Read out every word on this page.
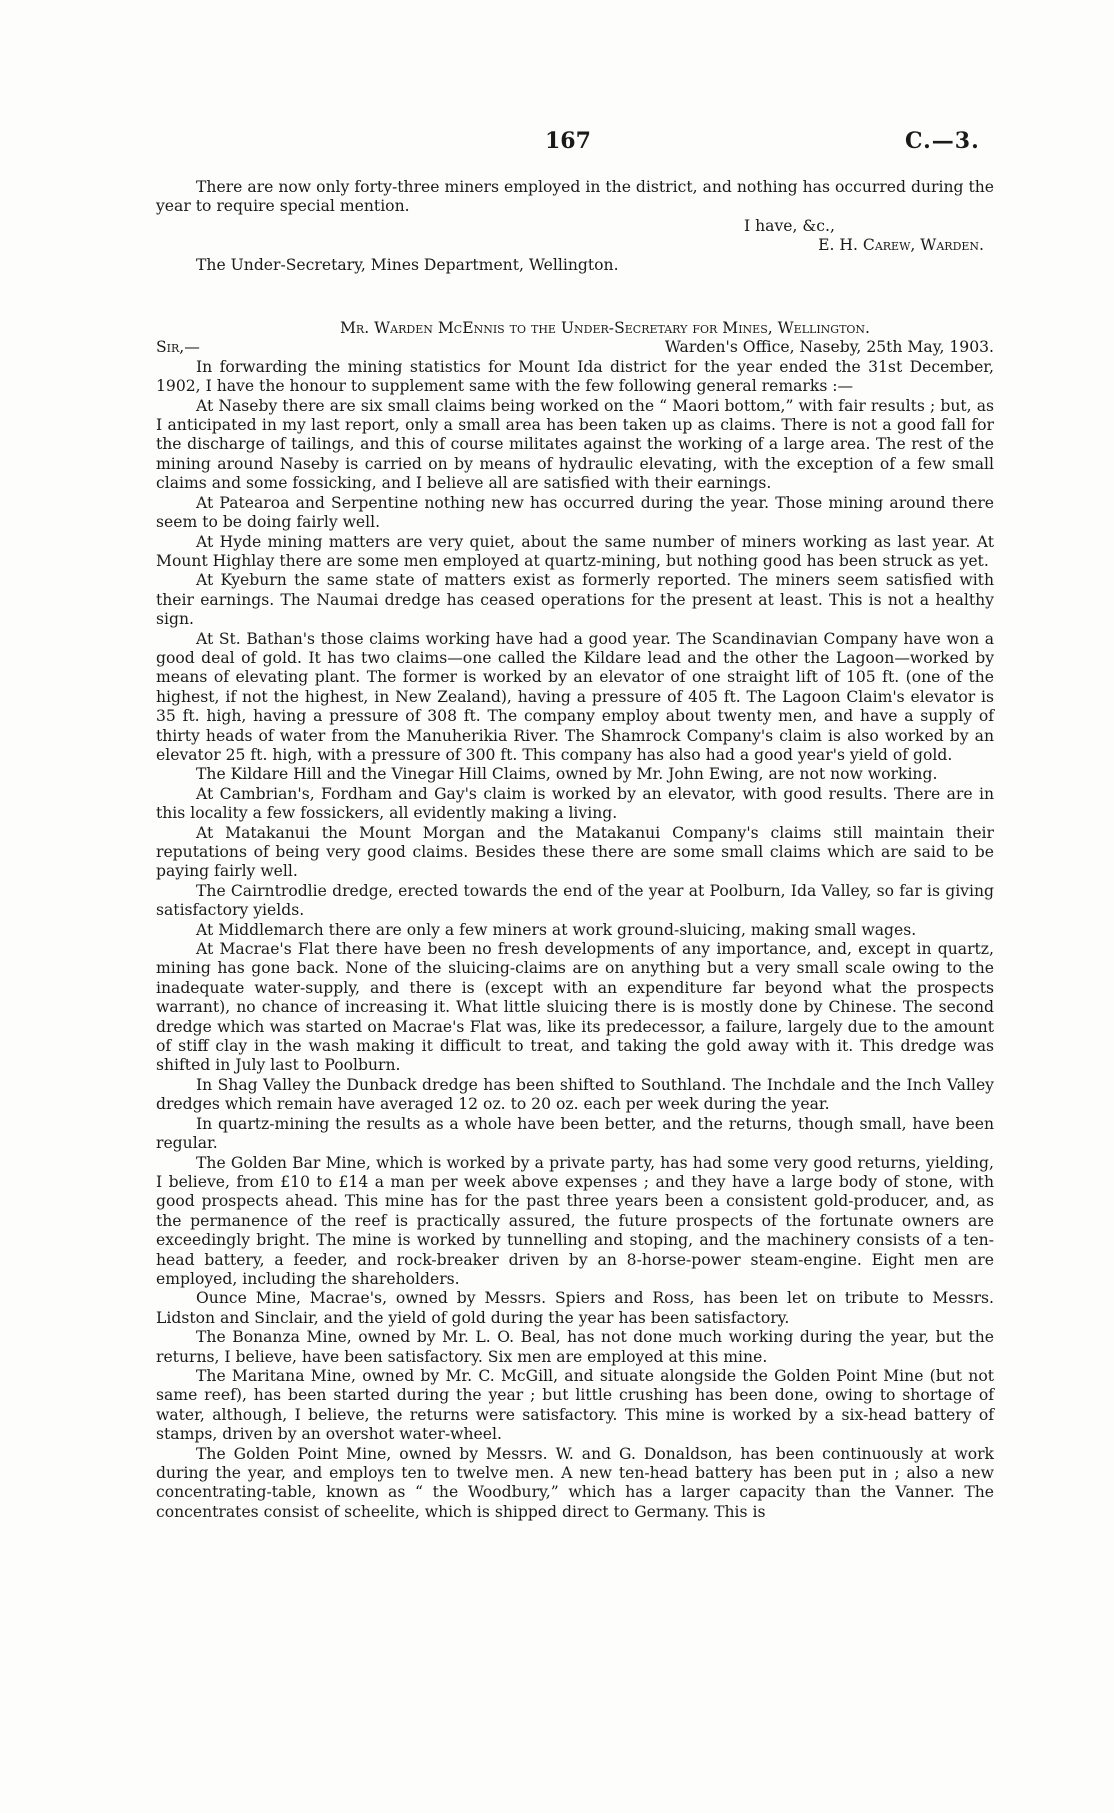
167	C.—3.

There are now only forty-three miners employed in the district, and nothing has occurred during the year to require special mention.

I have, &c.,
E. H. Carew, Warden.
The Under-Secretary, Mines Department, Wellington.
Mr. Warden McEnnis to the Under-Secretary for Mines, Wellington.
Sir,—	Warden's Office, Naseby, 25th May, 1903.

In forwarding the mining statistics for Mount Ida district for the year ended the 31st December, 1902, I have the honour to supplement same with the few following general remarks :—

At Naseby there are six small claims being worked on the “ Maori bottom,” with fair results ; but, as I anticipated in my last report, only a small area has been taken up as claims. There is not a good fall for the discharge of tailings, and this of course militates against the working of a large area. The rest of the mining around Naseby is carried on by means of hydraulic elevating, with the exception of a few small claims and some fossicking, and I believe all are satisfied with their earnings.

At Patearoa and Serpentine nothing new has occurred during the year. Those mining around there seem to be doing fairly well.

At Hyde mining matters are very quiet, about the same number of miners working as last year. At Mount Highlay there are some men employed at quartz-mining, but nothing good has been struck as yet.

At Kyeburn the same state of matters exist as formerly reported. The miners seem satisfied with their earnings. The Naumai dredge has ceased operations for the present at least. This is not a healthy sign.

At St. Bathan's those claims working have had a good year. The Scandinavian Company have won a good deal of gold. It has two claims—one called the Kildare lead and the other the Lagoon—worked by means of elevating plant. The former is worked by an elevator of one straight lift of 105 ft. (one of the highest, if not the highest, in New Zealand), having a pressure of 405 ft. The Lagoon Claim's elevator is 35 ft. high, having a pressure of 308 ft. The company employ about twenty men, and have a supply of thirty heads of water from the Manuherikia River. The Shamrock Company's claim is also worked by an elevator 25 ft. high, with a pressure of 300 ft. This company has also had a good year's yield of gold.

The Kildare Hill and the Vinegar Hill Claims, owned by Mr. John Ewing, are not now working.

At Cambrian's, Fordham and Gay's claim is worked by an elevator, with good results. There are in this locality a few fossickers, all evidently making a living.

At Matakanui the Mount Morgan and the Matakanui Company's claims still maintain their reputations of being very good claims. Besides these there are some small claims which are said to be paying fairly well.

The Cairntrodlie dredge, erected towards the end of the year at Poolburn, Ida Valley, so far is giving satisfactory yields.

At Middlemarch there are only a few miners at work ground-sluicing, making small wages.

At Macrae's Flat there have been no fresh developments of any importance, and, except in quartz, mining has gone back. None of the sluicing-claims are on anything but a very small scale owing to the inadequate water-supply, and there is (except with an expenditure far beyond what the prospects warrant), no chance of increasing it. What little sluicing there is is mostly done by Chinese. The second dredge which was started on Macrae's Flat was, like its predecessor, a failure, largely due to the amount of stiff clay in the wash making it difficult to treat, and taking the gold away with it. This dredge was shifted in July last to Poolburn.

In Shag Valley the Dunback dredge has been shifted to Southland. The Inchdale and the Inch Valley dredges which remain have averaged 12 oz. to 20 oz. each per week during the year.

In quartz-mining the results as a whole have been better, and the returns, though small, have been regular.

The Golden Bar Mine, which is worked by a private party, has had some very good returns, yielding, I believe, from £10 to £14 a man per week above expenses ; and they have a large body of stone, with good prospects ahead. This mine has for the past three years been a consistent gold-producer, and, as the permanence of the reef is practically assured, the future prospects of the fortunate owners are exceedingly bright. The mine is worked by tunnelling and stoping, and the machinery consists of a ten-head battery, a feeder, and rock-breaker driven by an 8-horse-power steam-engine. Eight men are employed, including the shareholders.

Ounce Mine, Macrae's, owned by Messrs. Spiers and Ross, has been let on tribute to Messrs. Lidston and Sinclair, and the yield of gold during the year has been satisfactory.

The Bonanza Mine, owned by Mr. L. O. Beal, has not done much working during the year, but the returns, I believe, have been satisfactory. Six men are employed at this mine.

The Maritana Mine, owned by Mr. C. McGill, and situate alongside the Golden Point Mine (but not same reef), has been started during the year ; but little crushing has been done, owing to shortage of water, although, I believe, the returns were satisfactory. This mine is worked by a six-head battery of stamps, driven by an overshot water-wheel.

The Golden Point Mine, owned by Messrs. W. and G. Donaldson, has been continuously at work during the year, and employs ten to twelve men. A new ten-head battery has been put in ; also a new concentrating-table, known as “ the Woodbury,” which has a larger capacity than the Vanner. The concentrates consist of scheelite, which is shipped direct to Germany. This is
